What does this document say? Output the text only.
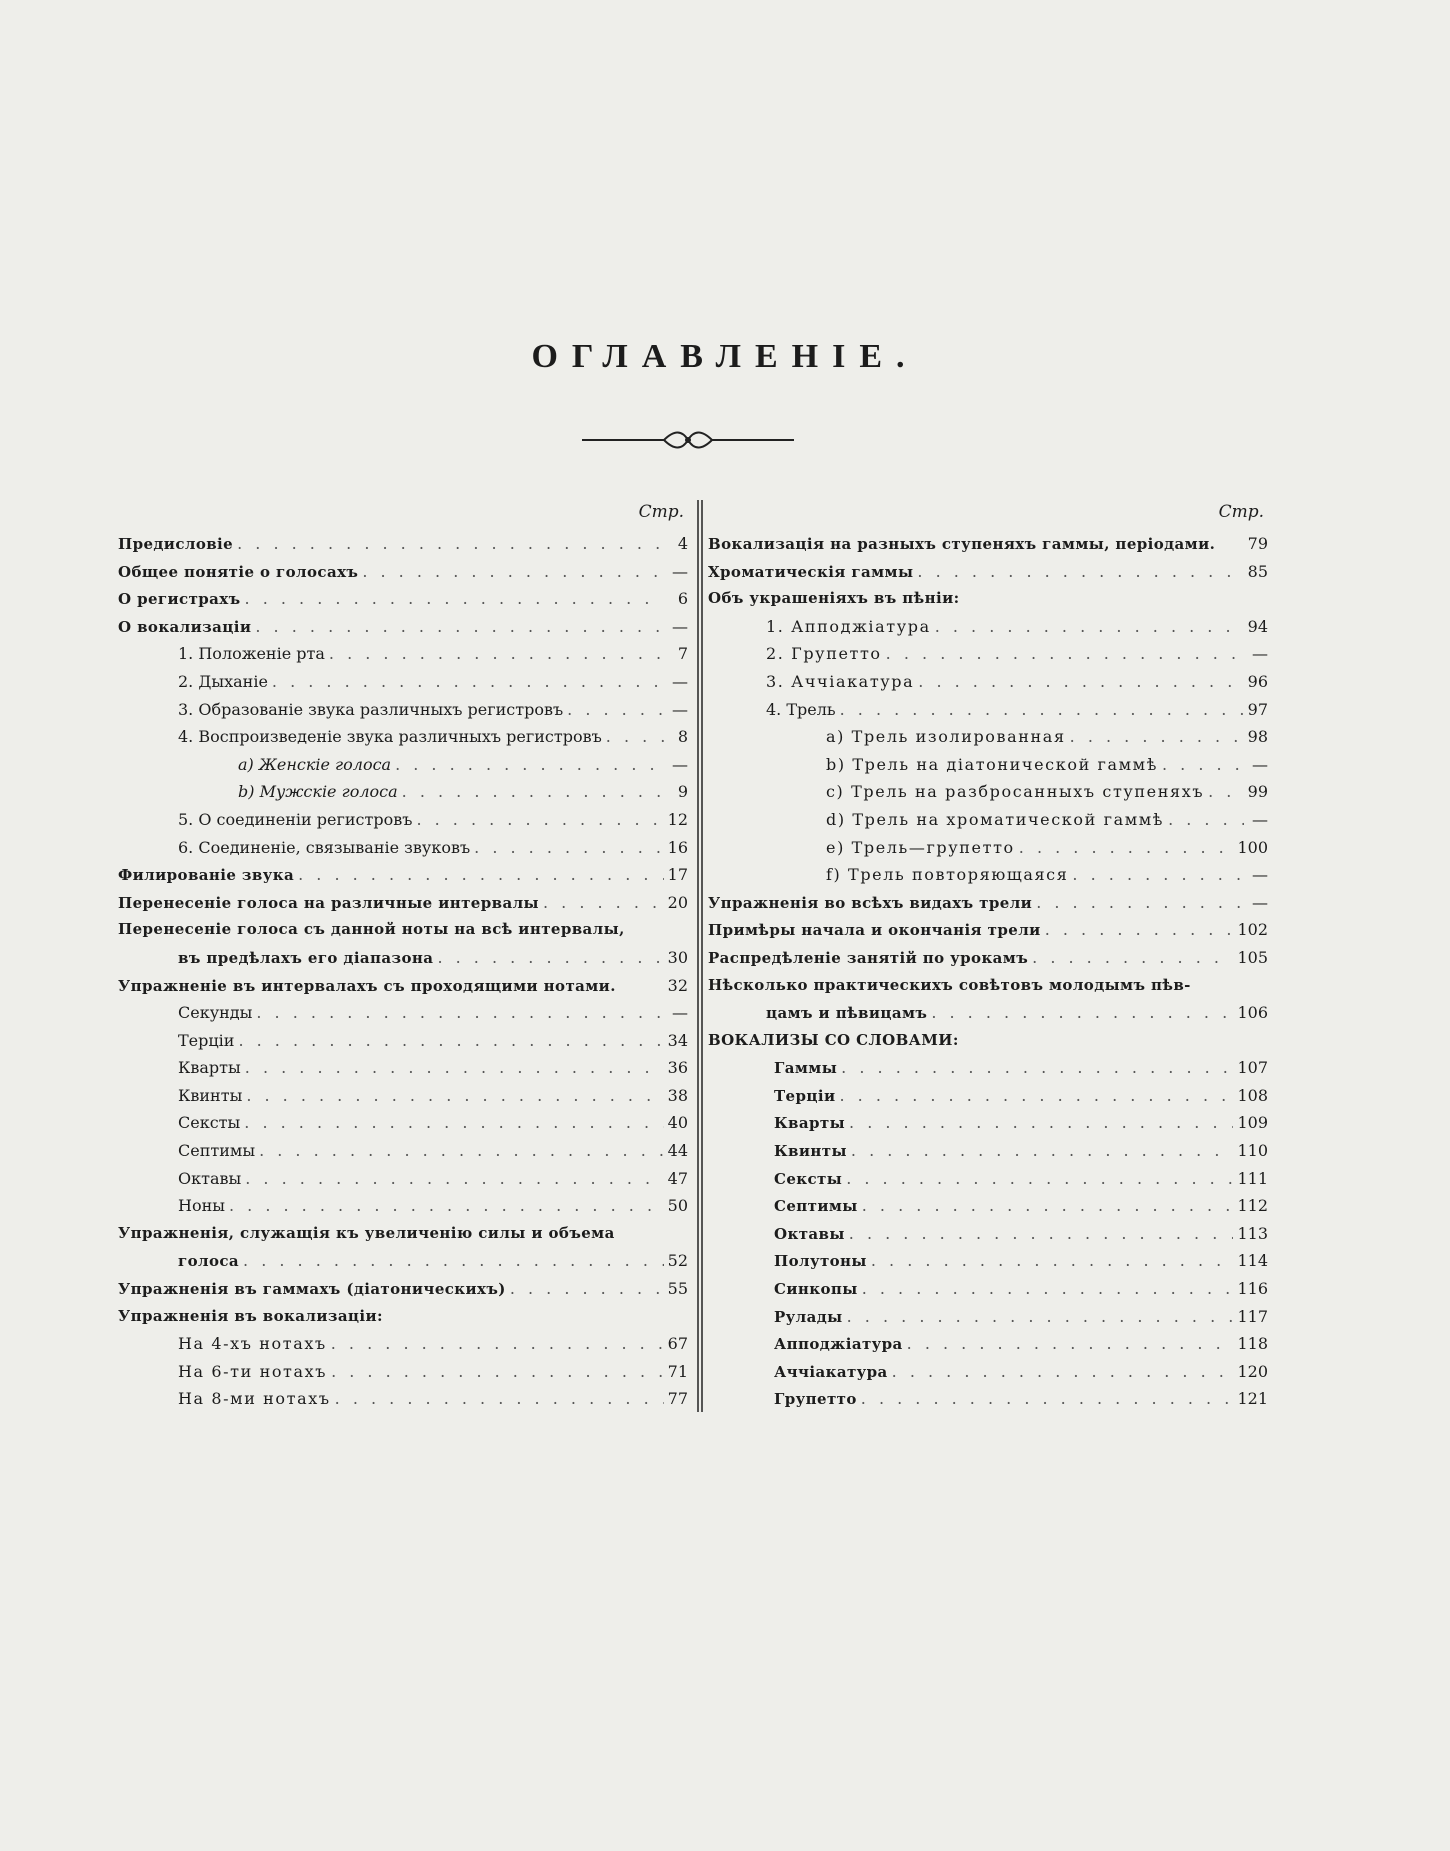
ОГЛАВЛЕНІЕ.
Стр.
Предисловіе . . .	4
Общее понятіе о голосахъ . . .	—
О регистрахъ . . .	6
О вокализаціи . . .	—
1. Положеніе рта . . .	7
2. Дыханіе . . .	—
3. Образованіе звука различныхъ регистровъ . . .	—
4. Воспроизведеніе звука различныхъ регистровъ . . .	8
a) Женскіе голоса . . .	—
b) Мужскіе голоса . . .	9
5. О соединеніи регистровъ . . .	12
6. Соединеніе, связываніе звуковъ . . .	16
Филированіе звука . . .	17
Перенесеніе голоса на различные интервалы . . .	20
Перенесеніе голоса съ данной ноты на всѣ интервалы,
въ предѣлахъ его діапазона . . .	30
Упражненіе въ интервалахъ съ проходящими нотами.	32
Секунды . . .	—
Терціи . . .	34
Кварты . . .	36
Квинты . . .	38
Сексты . . .	40
Септимы . . .	44
Октавы . . .	47
Ноны . . .	50
Упражненія, служащія къ увеличенію силы и объема
голоса . . .	52
Упражненія въ гаммахъ (діатоническихъ) . . .	55
Упражненія въ вокализаціи:
На 4-хъ нотахъ . . .	67
На 6-ти нотахъ . . .	71
На 8-ми нотахъ . . .	77
Стр.
Вокализація на разныхъ ступеняхъ гаммы, періодами. 79
Хроматическія гаммы . . .	85
Объ украшеніяхъ въ пѣніи:
1. Апподжіатура . . .	94
2. Групетто . . .	—
3. Аччіакатура . . .	96
4. Трель . . .	97
a) Трель изолированная . . .	98
b) Трель на діатонической гаммѣ . . .	—
c) Трель на разбросанныхъ ступеняхъ . . .	99
d) Трель на хроматической гаммѣ . . .	—
e) Трель—групетто . . .	100
f) Трель повторяющаяся . . .	—
Упражненія во всѣхъ видахъ трели . . .	—
Примѣры начала и окончанія трели . . .	102
Распредѣленіе занятій по урокамъ . . .	105
Нѣсколько практическихъ совѣтовъ молодымъ пѣв-
цамъ и пѣвицамъ . . .	106
ВОКАЛИЗЫ СО СЛОВАМИ:
Гаммы . . .	107
Терціи . . .	108
Кварты . . .	109
Квинты . . .	110
Сексты . . .	111
Септимы . . .	112
Октавы . . .	113
Полутоны . . .	114
Синкопы . . .	116
Рулады . . .	117
Апподжіатура . . .	118
Аччіакатура . . .	120
Групетто . . .	121
